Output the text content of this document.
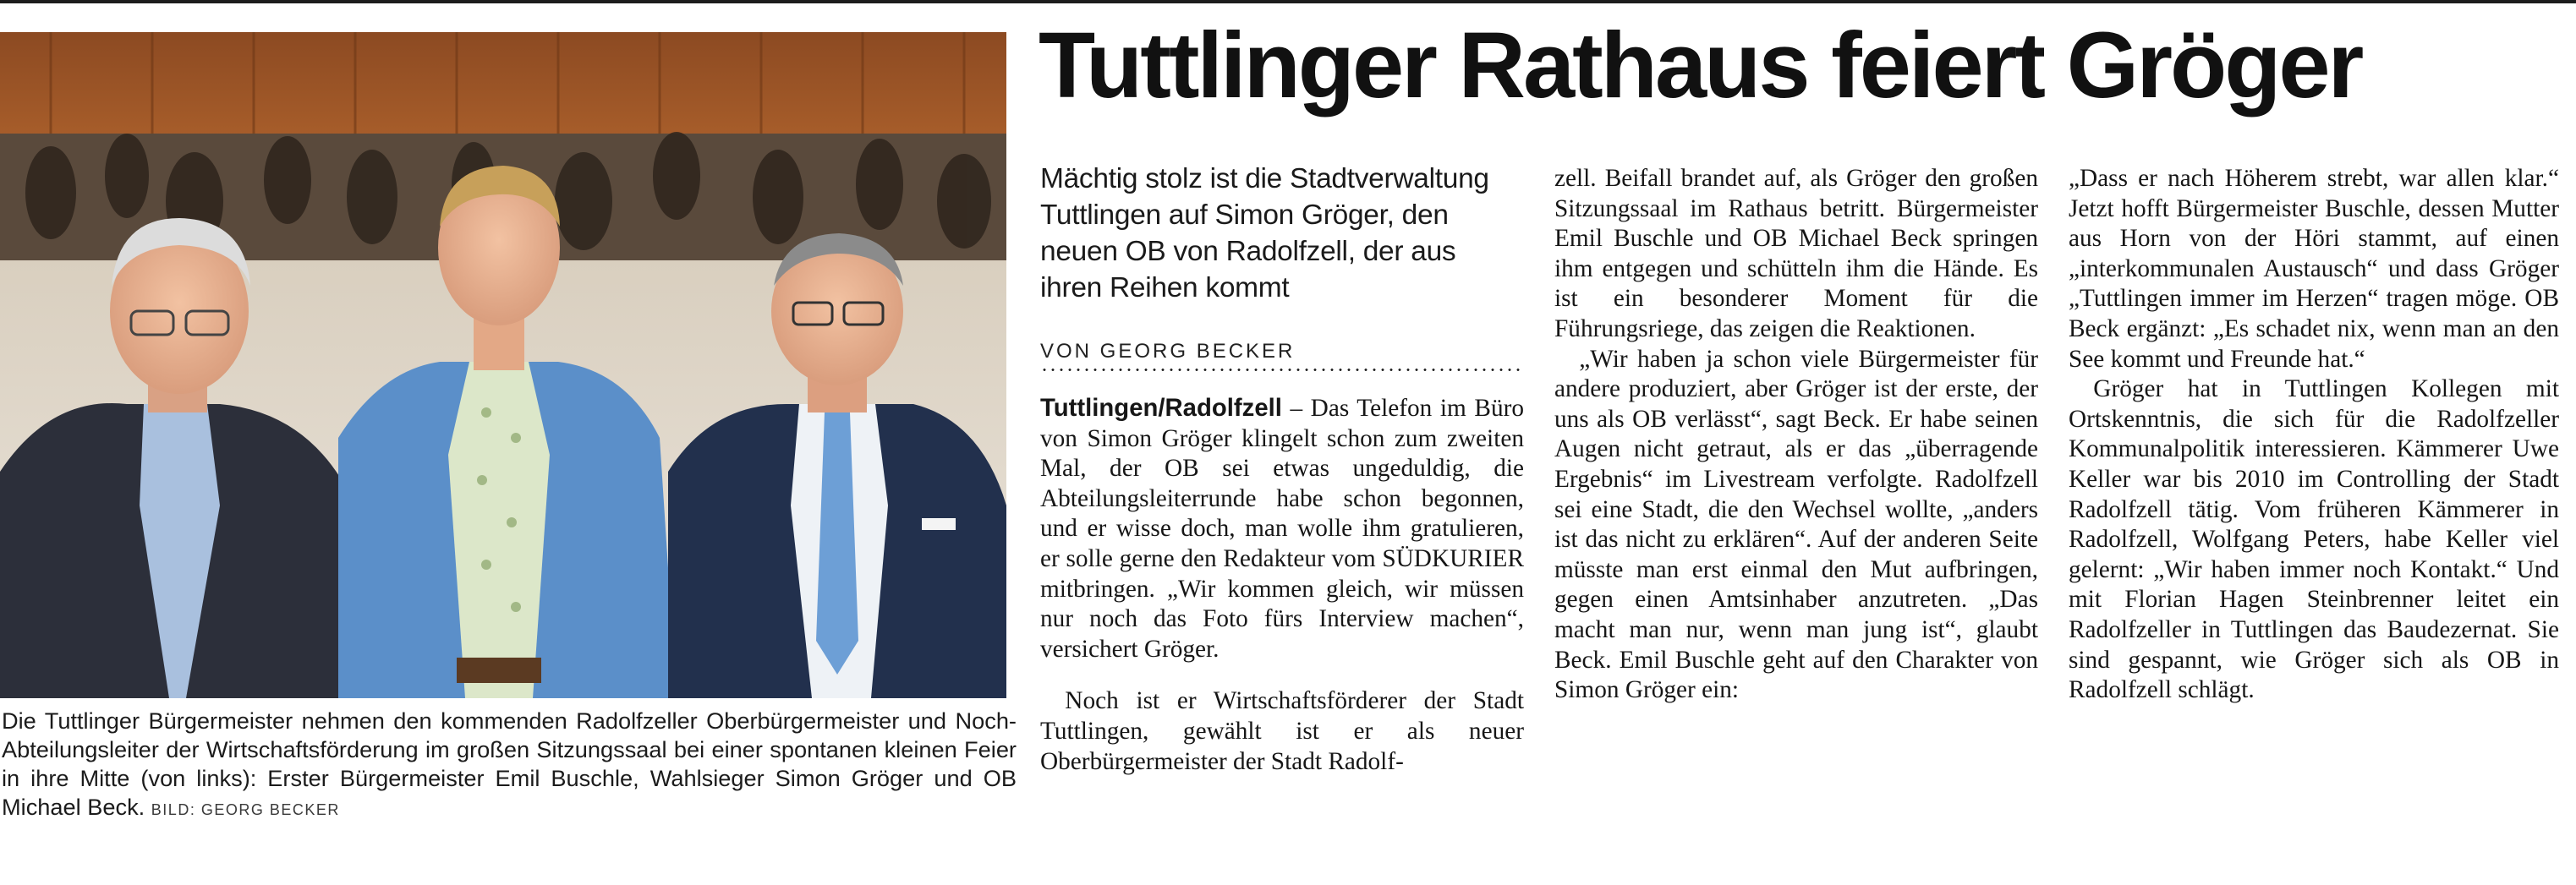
Die Tuttlinger Bürgermeister nehmen den kommenden Radolfzeller Oberbürgermeister und Noch-Abteilungsleiter der Wirtschaftsförderung im großen Sitzungssaal bei einer spontanen kleinen Feier in ihre Mitte (von links): Erster Bürgermeister Emil Buschle, Wahlsieger Simon Gröger und OB Michael Beck. BILD: GEORG BECKER
Tuttlinger Rathaus feiert Gröger

Mächtig stolz ist die Stadtverwaltung Tuttlingen auf Simon Gröger, den neuen OB von Radolfzell, der aus ihren Reihen kommt

VON GEORG BECKER

Tuttlingen/Radolfzell – Das Telefon im Büro von Simon Gröger klingelt schon zum zweiten Mal, der OB sei etwas ungeduldig, die Abteilungsleiterrunde habe schon begonnen, und er wisse doch, man wolle ihm gratulieren, er solle gerne den Redakteur vom SÜDKURIER mitbringen. „Wir kommen gleich, wir müssen nur noch das Foto fürs Interview machen“, versichert Gröger.

Noch ist er Wirtschaftsförderer der Stadt Tuttlingen, gewählt ist er als neuer Oberbürgermeister der Stadt Radolf-

zell. Beifall brandet auf, als Gröger den großen Sitzungssaal im Rathaus betritt. Bürgermeister Emil Buschle und OB Michael Beck springen ihm entgegen und schütteln ihm die Hände. Es ist ein besonderer Moment für die Führungsriege, das zeigen die Reaktionen.

„Wir haben ja schon viele Bürgermeister für andere produziert, aber Gröger ist der erste, der uns als OB verlässt“, sagt Beck. Er habe seinen Augen nicht getraut, als er das „überragende Ergebnis“ im Livestream verfolgte. Radolfzell sei eine Stadt, die den Wechsel wollte, „anders ist das nicht zu erklären“. Auf der anderen Seite müsste man erst einmal den Mut aufbringen, gegen einen Amtsinhaber anzutreten. „Das macht man nur, wenn man jung ist“, glaubt Beck. Emil Buschle geht auf den Charakter von Simon Gröger ein:

„Dass er nach Höherem strebt, war allen klar.“ Jetzt hofft Bürgermeister Buschle, dessen Mutter aus Horn von der Höri stammt, auf einen „interkommunalen Austausch“ und dass Gröger „Tuttlingen immer im Herzen“ tragen möge. OB Beck ergänzt: „Es schadet nix, wenn man an den See kommt und Freunde hat.“

Gröger hat in Tuttlingen Kollegen mit Ortskenntnis, die sich für die Radolfzeller Kommunalpolitik interessieren. Kämmerer Uwe Keller war bis 2010 im Controlling der Stadt Radolfzell tätig. Vom früheren Kämmerer in Radolfzell, Wolfgang Peters, habe Keller viel gelernt: „Wir haben immer noch Kontakt.“ Und mit Florian Hagen Steinbrenner leitet ein Radolfzeller in Tuttlingen das Baudezernat. Sie sind gespannt, wie Gröger sich als OB in Radolfzell schlägt.
